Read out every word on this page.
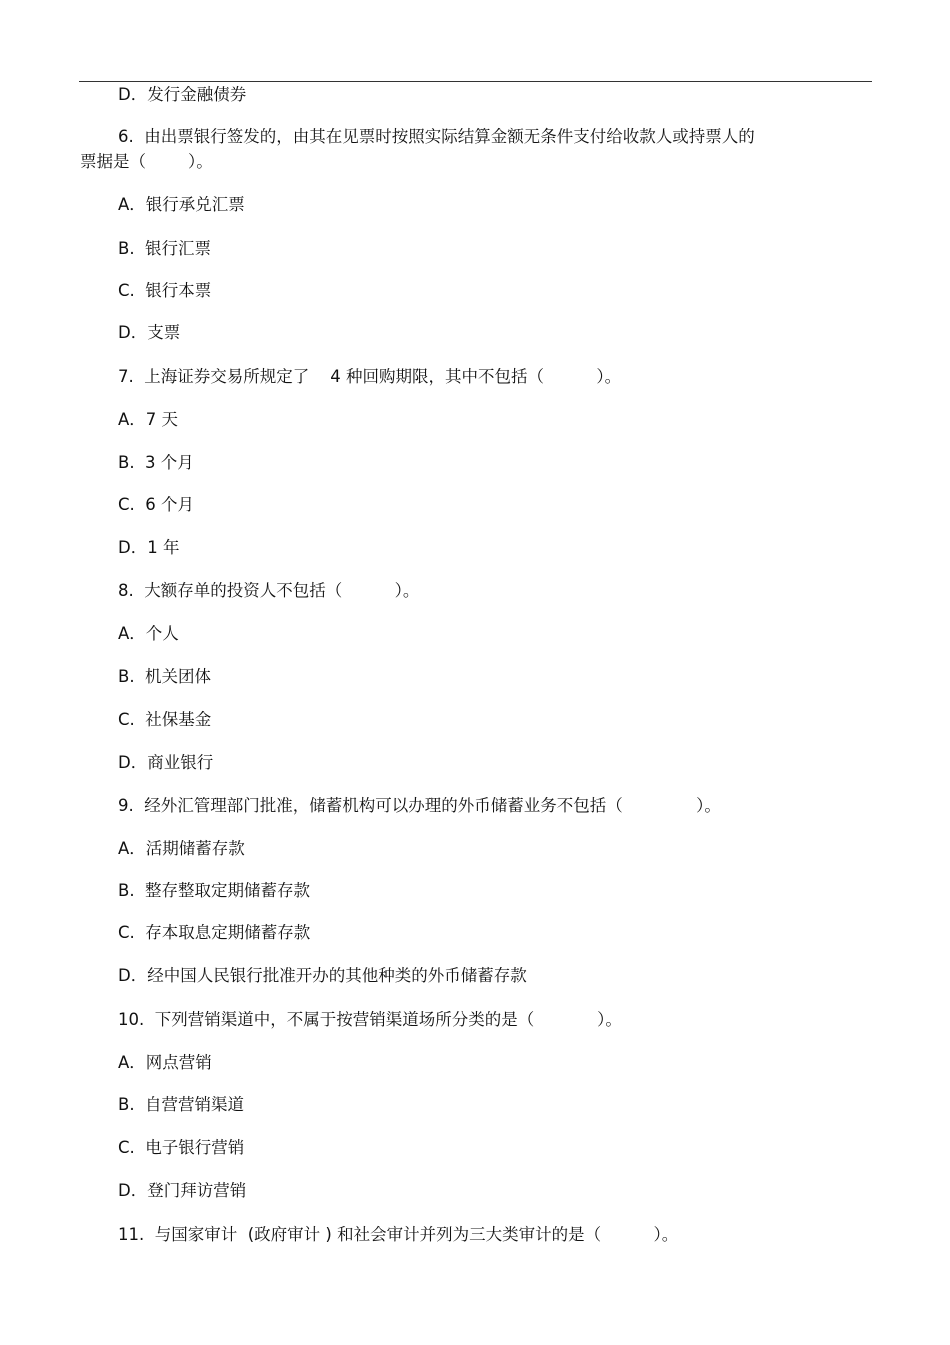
D．发行金融债券
6.  由出票银行签发的，由其在见票时按照实际结算金额无条件支付给收款人或持票人的
票据是（        ）。
A．银行承兑汇票
B.  银行汇票
C.  银行本票
D．支票
7.  上海证券交易所规定了    4 种回购期限，其中不包括（          ）。
A．7 天
B.  3 个月
C.  6 个月
D．1 年
8.  大额存单的投资人不包括（          ）。
A．个人
B.  机关团体
C.  社保基金
D．商业银行
9.  经外汇管理部门批准，储蓄机构可以办理的外币储蓄业务不包括（              ）。
A．活期储蓄存款
B.  整存整取定期储蓄存款
C.  存本取息定期储蓄存款
D．经中国人民银行批准开办的其他种类的外币储蓄存款
10.  下列营销渠道中，不属于按营销渠道场所分类的是（            ）。
A．网点营销
B.  自营营销渠道
C.  电子银行营销
D．登门拜访营销
11.  与国家审计  (政府审计 ) 和社会审计并列为三大类审计的是（          ）。
